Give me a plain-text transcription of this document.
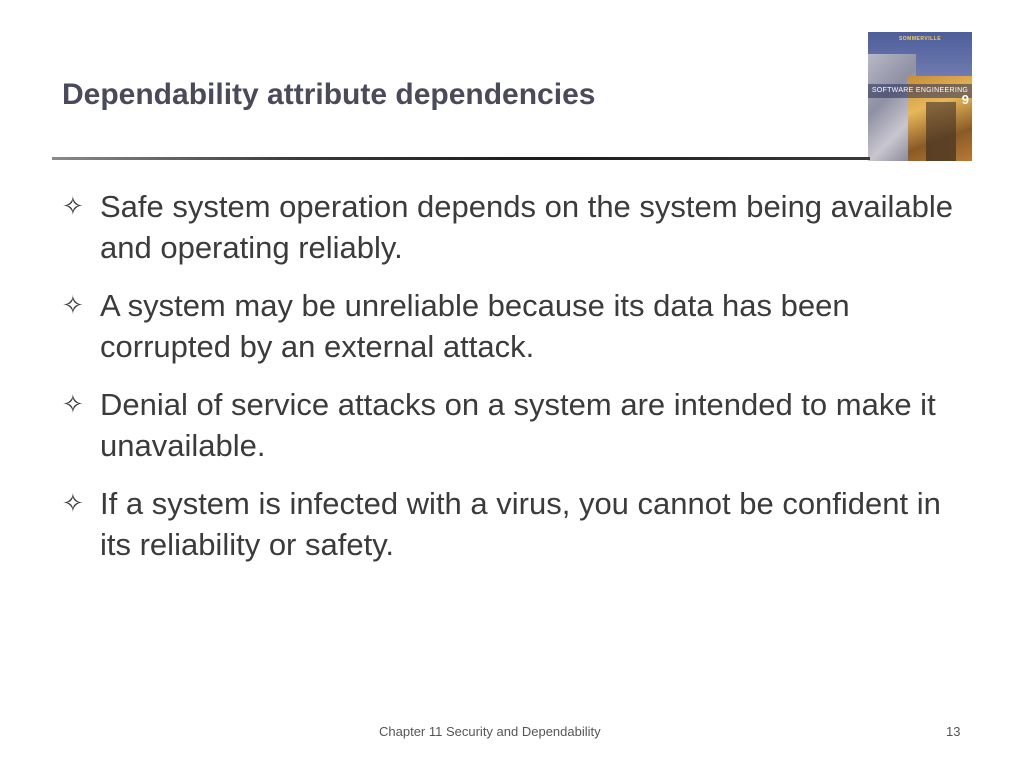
Dependability attribute dependencies
SOMMERVILLE
SOFTWARE ENGINEERING
9
✧ Safe system operation depends on the system being available and operating reliably.
✧ A system may be unreliable because its data has been corrupted by an external attack.
✧ Denial of service attacks on a system are intended to make it unavailable.
✧ If a system is infected with a virus, you cannot be confident in its reliability or safety.
Chapter 11 Security and Dependability	13
